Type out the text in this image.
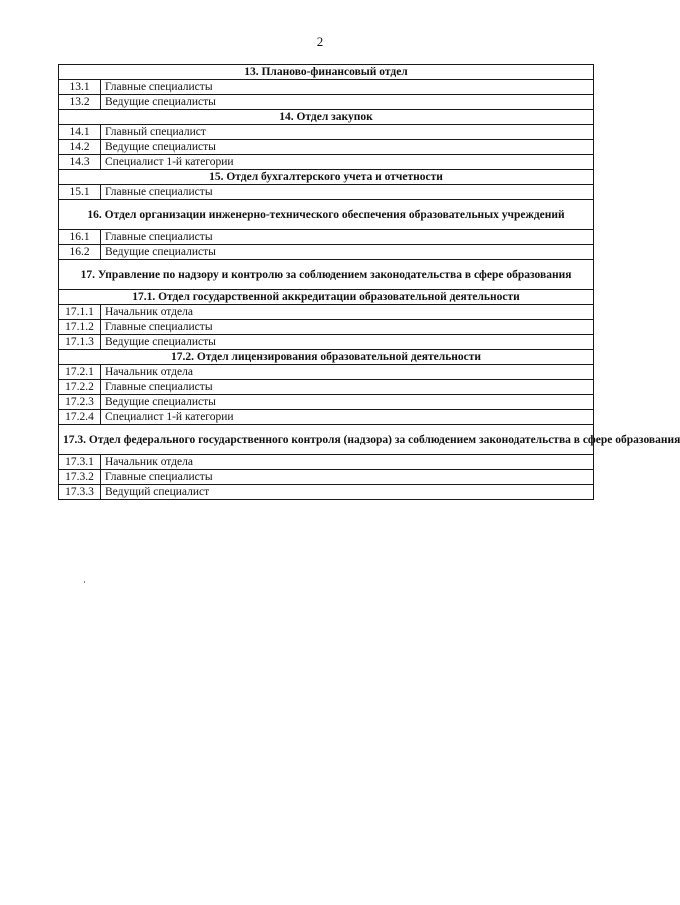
2
13. Планово-финансовый отдел	
13.1	Главные специалисты
13.2	Ведущие специалисты
14. Отдел закупок	
14.1	Главный специалист
14.2	Ведущие специалисты
14.3	Специалист 1-й категории
15. Отдел бухгалтерского учета и отчетности	
15.1	Главные специалисты
16. Отдел организации инженерно-технического обеспечения образовательных учреждений	
16.1	Главные специалисты
16.2	Ведущие специалисты
17. Управление по надзору и контролю за соблюдением законодательства в сфере образования	
17.1. Отдел государственной аккредитации образовательной деятельности	
17.1.1	Начальник отдела
17.1.2	Главные специалисты
17.1.3	Ведущие специалисты
17.2. Отдел лицензирования образовательной деятельности	
17.2.1	Начальник отдела
17.2.2	Главные специалисты
17.2.3	Ведущие специалисты
17.2.4	Специалист 1-й категории
17.3. Отдел федерального государственного контроля (надзора) за соблюдением законодательства в сфере образования	
17.3.1	Начальник отдела
17.3.2	Главные специалисты
17.3.3	Ведущий специалист
